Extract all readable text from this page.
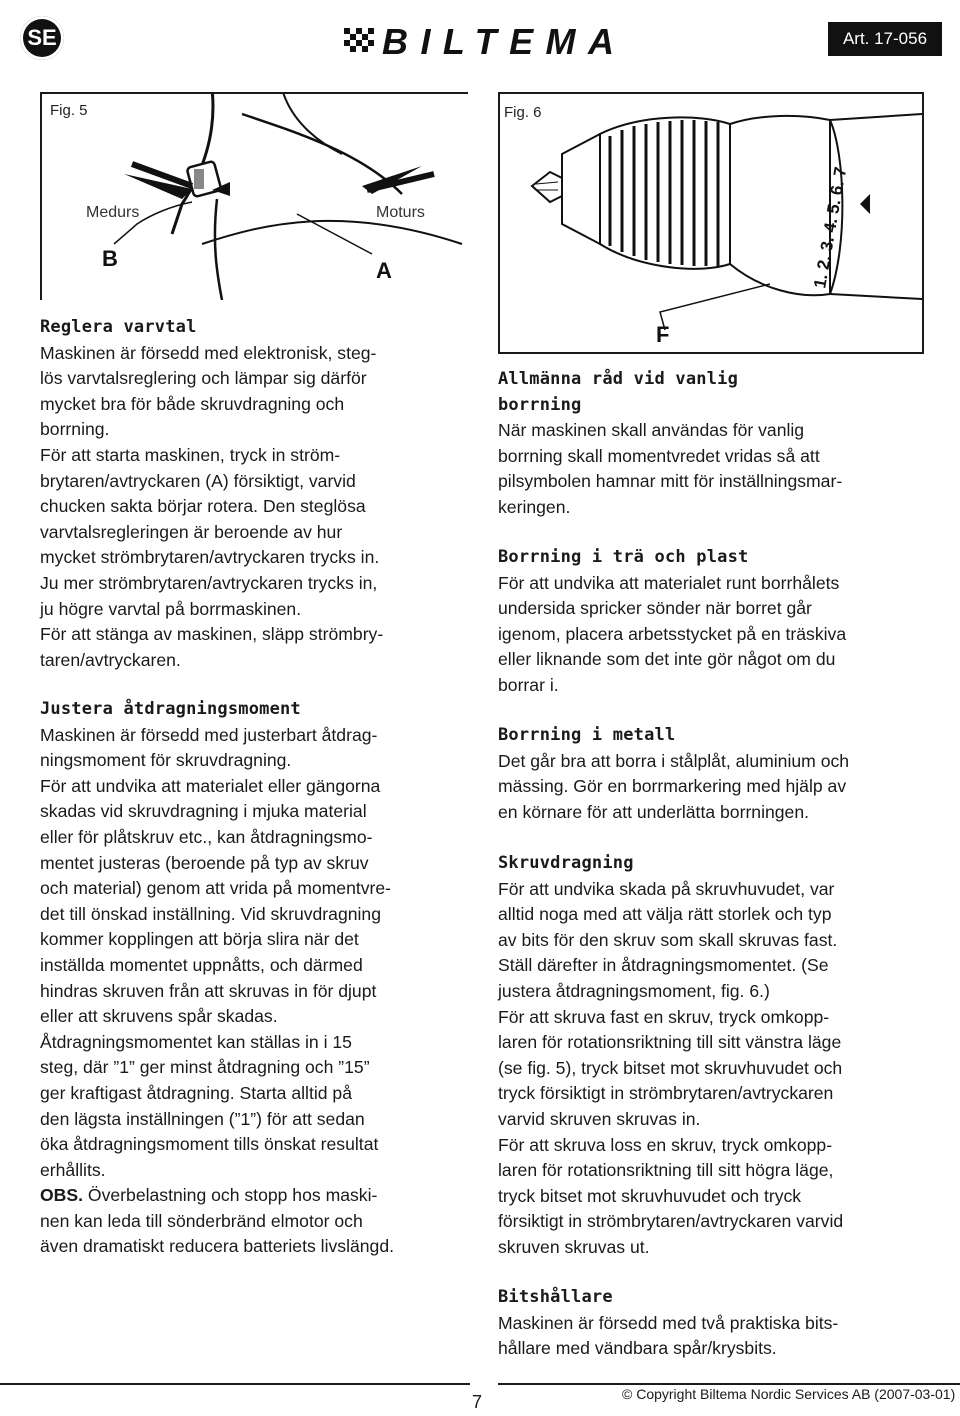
SE	BILTEMA	Art. 17-056
Fig. 5
Medurs	Moturs
B	A	1. 2. 3. 4. 5. 6. 7
Fig. 6
F

Reglera varvtal

Maskinen är försedd med elektronisk, steg-

lös varvtalsreglering och lämpar sig därför

mycket bra för både skruvdragning och

borrning.

För att starta maskinen, tryck in ström-

brytaren/avtryckaren (A) försiktigt, varvid

chucken sakta börjar rotera. Den steglösa

varvtalsregleringen är beroende av hur

mycket strömbrytaren/avtryckaren trycks in.

Ju mer strömbrytaren/avtryckaren trycks in,

ju högre varvtal på borrmaskinen.

För att stänga av maskinen, släpp strömbry-

taren/avtryckaren.

Justera åtdragningsmoment

Maskinen är försedd med justerbart åtdrag-

ningsmoment för skruvdragning.

För att undvika att materialet eller gängorna

skadas vid skruvdragning i mjuka material

eller för plåtskruv etc., kan åtdragningsmo-

mentet justeras (beroende på typ av skruv

och material) genom att vrida på momentvre-

det till önskad inställning. Vid skruvdragning

kommer kopplingen att börja slira när det

inställda momentet uppnåtts, och därmed

hindras skruven från att skruvas in för djupt

eller att skruvens spår skadas.

Åtdragningsmomentet kan ställas in i 15

steg, där ”1” ger minst åtdragning och ”15”

ger kraftigast åtdragning. Starta alltid på

den lägsta inställningen (”1”) för att sedan

öka åtdragningsmoment tills önskat resultat

erhållits.

OBS. Överbelastning och stopp hos maski-

nen kan leda till sönderbränd elmotor och

även dramatiskt reducera batteriets livslängd.

Allmänna råd vid vanlig

borrning

När maskinen skall användas för vanlig

borrning skall momentvredet vridas så att

pilsymbolen hamnar mitt för inställningsmar-

keringen.

Borrning i trä och plast

För att undvika att materialet runt borrhålets

undersida spricker sönder när borret går

igenom, placera arbetsstycket på en träskiva

eller liknande som det inte gör något om du

borrar i.

Borrning i metall

Det går bra att borra i stålplåt, aluminium och

mässing. Gör en borrmarkering med hjälp av

en körnare för att underlätta borrningen.

Skruvdragning

För att undvika skada på skruvhuvudet, var

alltid noga med att välja rätt storlek och typ

av bits för den skruv som skall skruvas fast.

Ställ därefter in åtdragningsmomentet. (Se

justera åtdragningsmoment, fig. 6.)

För att skruva fast en skruv, tryck omkopp-

laren för rotationsriktning till sitt vänstra läge

(se fig. 5), tryck bitset mot skruvhuvudet och

tryck försiktigt in strömbrytaren/avtryckaren

varvid skruven skruvas in.

För att skruva loss en skruv, tryck omkopp-

laren för rotationsriktning till sitt högra läge,

tryck bitset mot skruvhuvudet och tryck

försiktigt in strömbrytaren/avtryckaren varvid

skruven skruvas ut.

Bitshållare

Maskinen är försedd med två praktiska bits-

hållare med vändbara spår/krysbits.

7	© Copyright Biltema Nordic Services AB (2007-03-01)
